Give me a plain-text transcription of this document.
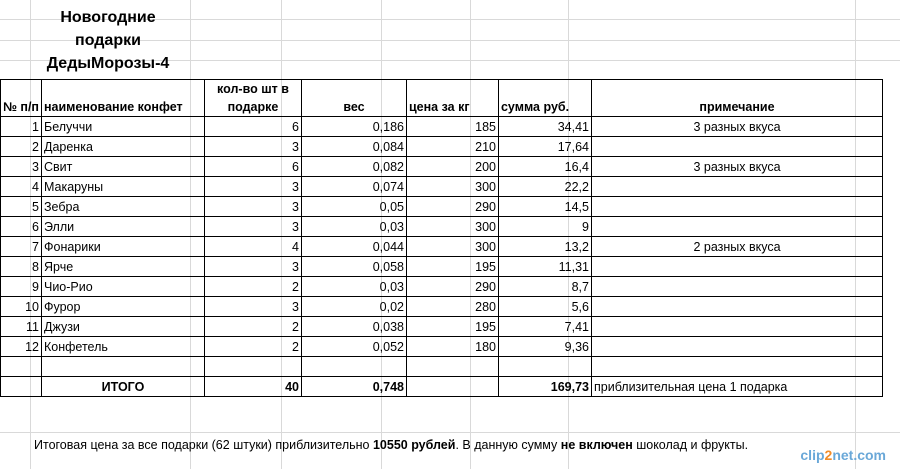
Новогодние
подарки
ДедыМорозы-4
№ п/п	наименование конфет	кол-во шт в подарке	вес	цена за кг	сумма руб.	примечание
1	Белуччи	6	0,186	185	34,41	3 разных вкуса
2	Даренка	3	0,084	210	17,64	
3	Свит	6	0,082	200	16,4	3 разных вкуса
4	Макаруны	3	0,074	300	22,2	
5	Зебра	3	0,05	290	14,5	
6	Элли	3	0,03	300	9	
7	Фонарики	4	0,044	300	13,2	2 разных вкуса
8	Ярче	3	0,058	195	11,31	
9	Чио-Рио	2	0,03	290	8,7	
10	Фурор	3	0,02	280	5,6	
11	Джузи	2	0,038	195	7,41	
12	Конфетель	2	0,052	180	9,36	

	ИТОГО	40	0,748		169,73	приблизительная цена 1 подарка
Итоговая цена за все подарки (62 штуки) приблизительно 10550 рублей. В данную сумму не включен шоколад и фрукты.
clip2net.com
